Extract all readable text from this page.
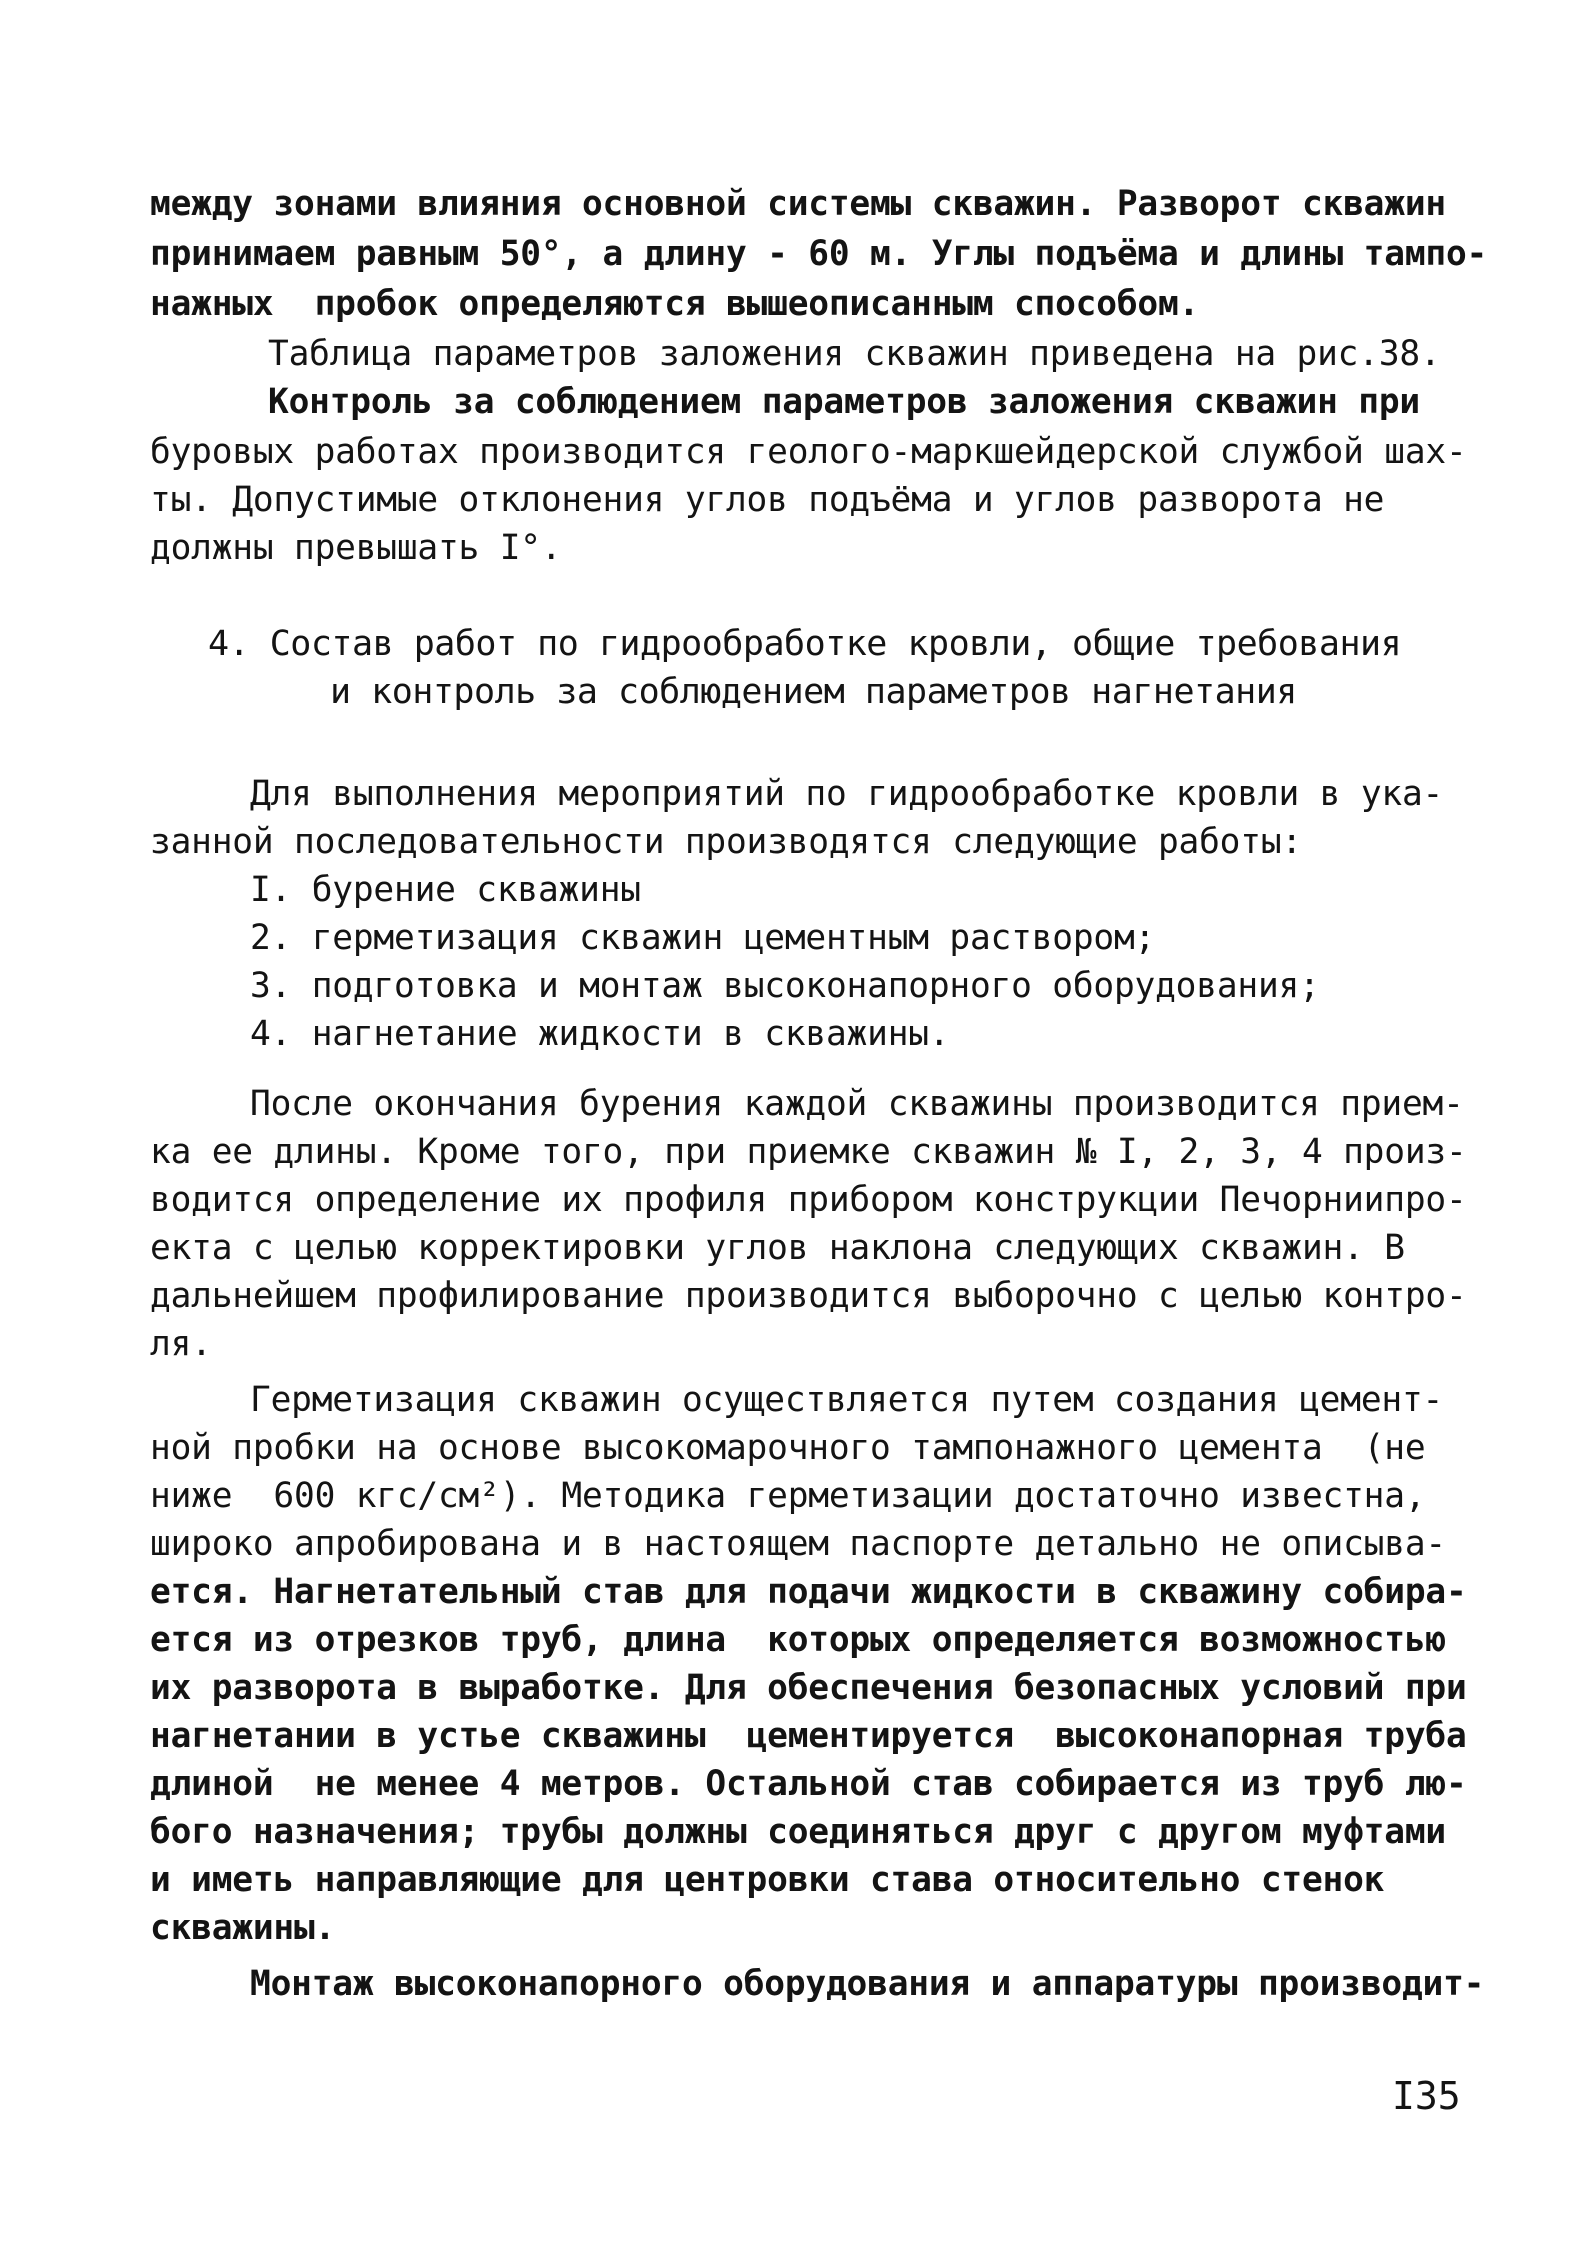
между зонами влияния основной системы скважин. Разворот скважин
принимаем равным 50°, а длину - 60 м. Углы подъёма и длины тампо-
нажных  пробок определяются вышеописанным способом.
Таблица параметров заложения скважин приведена на рис.38.
Контроль за соблюдением параметров заложения скважин при
буровых работах производится геолого-маркшейдерской службой шах-
ты. Допустимые отклонения углов подъёма и углов разворота не
должны превышать I°.
4. Состав работ по гидрообработке кровли, общие требования
и контроль за соблюдением параметров нагнетания
Для выполнения мероприятий по гидрообработке кровли в ука-
занной последовательности производятся следующие работы:
I. бурение скважины
2. герметизация скважин цементным раствором;
3. подготовка и монтаж высоконапорного оборудования;
4. нагнетание жидкости в скважины.
После окончания бурения каждой скважины производится прием-
ка ее длины. Кроме того, при приемке скважин № I, 2, 3, 4 произ-
водится определение их профиля прибором конструкции Печорниипро-
екта с целью корректировки углов наклона следующих скважин. В
дальнейшем профилирование производится выборочно с целью контро-
ля.
Герметизация скважин осуществляется путем создания цемент-
ной пробки на основе высокомарочного тампонажного цемента  (не
ниже  600 кгс/см²). Методика герметизации достаточно известна,
широко апробирована и в настоящем паспорте детально не описыва-
ется. Нагнетательный став для подачи жидкости в скважину собира-
ется из отрезков труб, длина  которых определяется возможностью
их разворота в выработке. Для обеспечения безопасных условий при
нагнетании в устье скважины  цементируется  высоконапорная труба
длиной  не менее 4 метров. Остальной став собирается из труб лю-
бого назначения; трубы должны соединяться друг с другом муфтами
и иметь направляющие для центровки става относительно стенок
скважины.
Монтаж высоконапорного оборудования и аппаратуры производит-
I35
